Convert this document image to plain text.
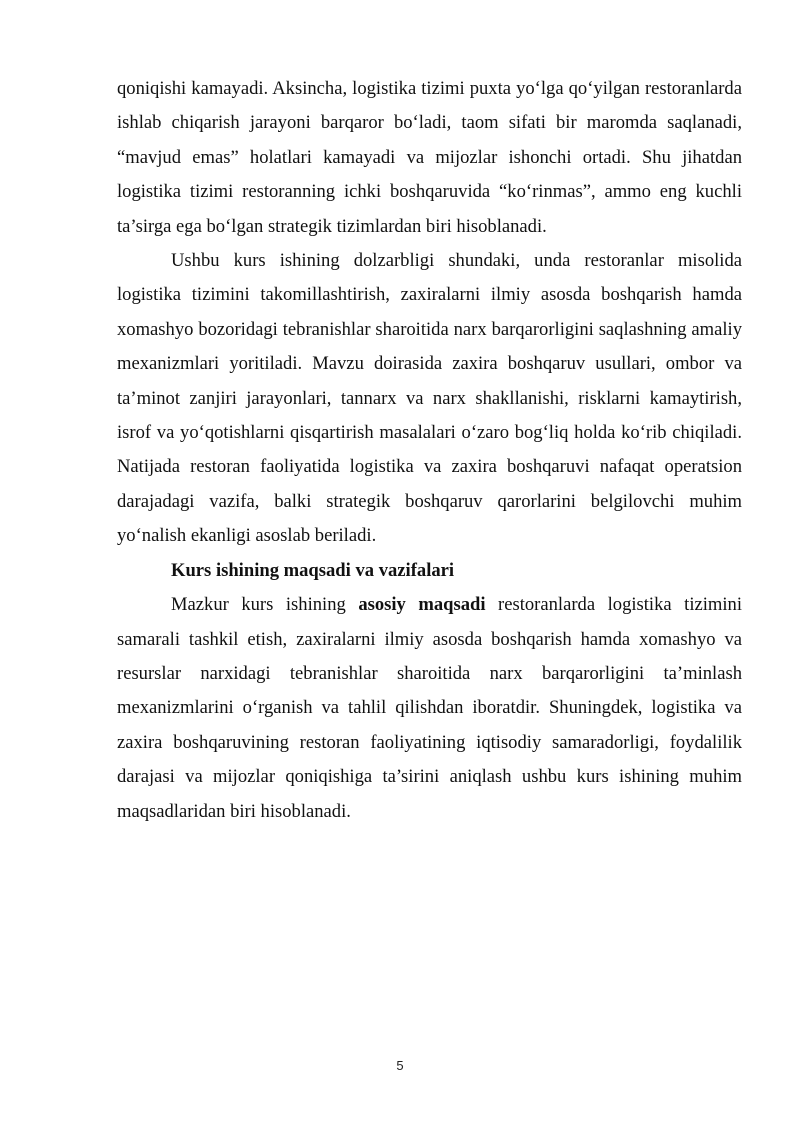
qoniqishi kamayadi. Aksincha, logistika tizimi puxta yo‘lga qo‘yilgan restoranlarda ishlab chiqarish jarayoni barqaror bo‘ladi, taom sifati bir maromda saqlanadi, “mavjud emas” holatlari kamayadi va mijozlar ishonchi ortadi. Shu jihatdan logistika tizimi restoranning ichki boshqaruvida “ko‘rinmas”, ammo eng kuchli ta’sirga ega bo‘lgan strategik tizimlardan biri hisoblanadi.

Ushbu kurs ishining dolzarbligi shundaki, unda restoranlar misolida logistika tizimini takomillashtirish, zaxiralarni ilmiy asosda boshqarish hamda xomashyo bozoridagi tebranishlar sharoitida narx barqarorligini saqlashning amaliy mexanizmlari yoritiladi. Mavzu doirasida zaxira boshqaruv usullari, ombor va ta’minot zanjiri jarayonlari, tannarx va narx shakllanishi, risklarni kamaytirish, isrof va yo‘qotishlarni qisqartirish masalalari o‘zaro bog‘liq holda ko‘rib chiqiladi. Natijada restoran faoliyatida logistika va zaxira boshqaruvi nafaqat operatsion darajadagi vazifa, balki strategik boshqaruv qarorlarini belgilovchi muhim yo‘nalish ekanligi asoslab beriladi.

Kurs ishining maqsadi va vazifalari

Mazkur kurs ishining asosiy maqsadi restoranlarda logistika tizimini samarali tashkil etish, zaxiralarni ilmiy asosda boshqarish hamda xomashyo va resurslar narxidagi tebranishlar sharoitida narx barqarorligini ta’minlash mexanizmlarini o‘rganish va tahlil qilishdan iboratdir. Shuningdek, logistika va zaxira boshqaruvining restoran faoliyatining iqtisodiy samaradorligi, foydalilik darajasi va mijozlar qoniqishiga ta’sirini aniqlash ushbu kurs ishining muhim maqsadlaridan biri hisoblanadi.

5
